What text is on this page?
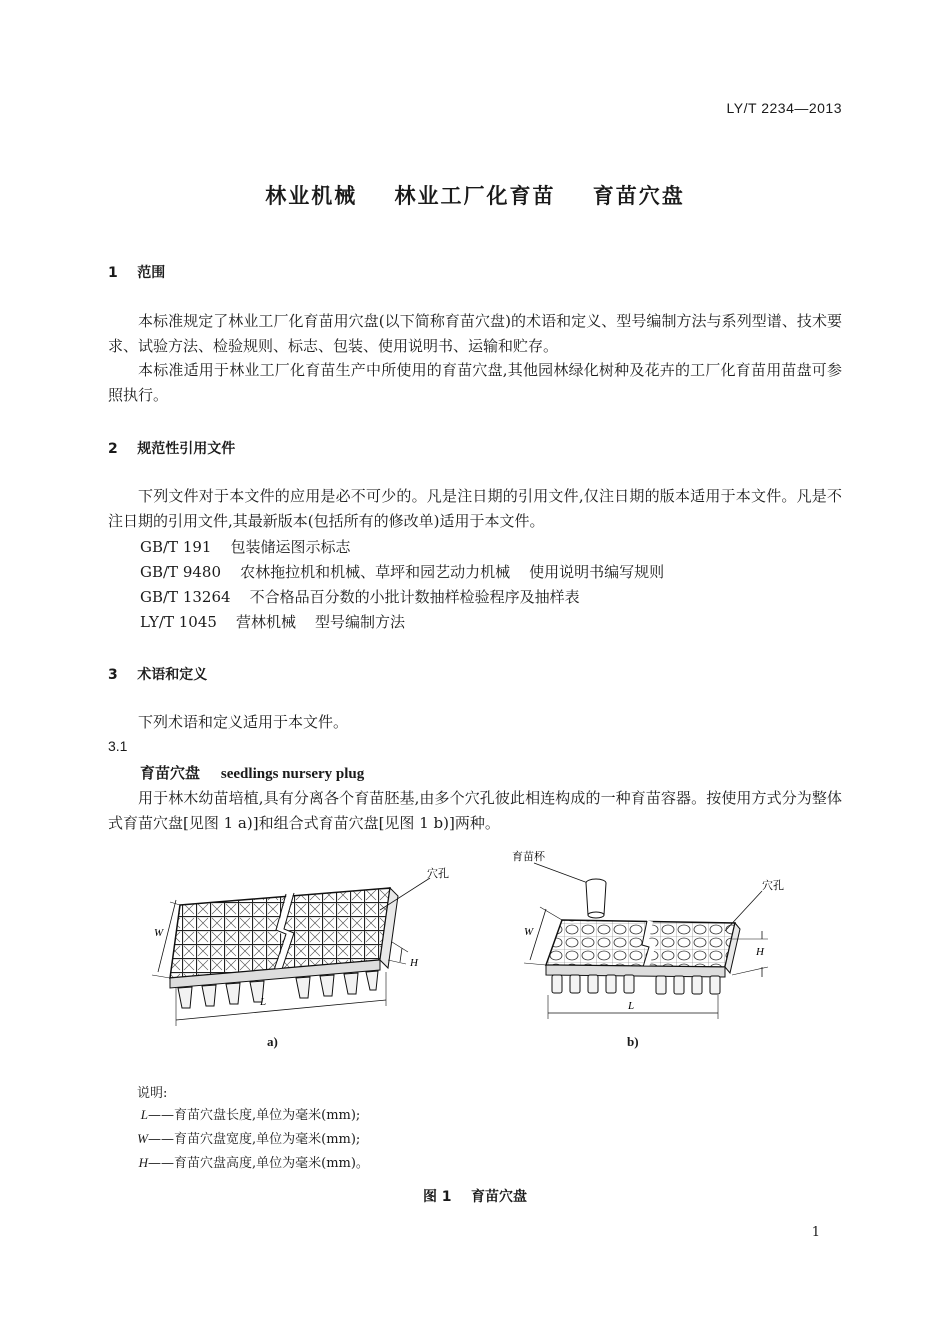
LY/T 2234—2013
林业机械    林业工厂化育苗    育苗穴盘
1    范围
本标准规定了林业工厂化育苗用穴盘(以下简称育苗穴盘)的术语和定义、型号编制方法与系列型谱、技术要求、试验方法、检验规则、标志、包装、使用说明书、运输和贮存。
本标准适用于林业工厂化育苗生产中所使用的育苗穴盘,其他园林绿化树种及花卉的工厂化育苗用苗盘可参照执行。
2    规范性引用文件
下列文件对于本文件的应用是必不可少的。凡是注日期的引用文件,仅注日期的版本适用于本文件。凡是不注日期的引用文件,其最新版本(包括所有的修改单)适用于本文件。
GB/T 191    包装储运图示标志
GB/T 9480    农林拖拉机和机械、草坪和园艺动力机械    使用说明书编写规则
GB/T 13264    不合格品百分数的小批计数抽样检验程序及抽样表
LY/T 1045    营林机械    型号编制方法
3    术语和定义
下列术语和定义适用于本文件。
3.1
育苗穴盘 seedlings nursery plug
用于林木幼苗培植,具有分离各个育苗胚基,由多个穴孔彼此相连构成的一种育苗容器。按使用方式分为整体式育苗穴盘[见图 1 a)]和组合式育苗穴盘[见图 1 b)]两种。
穴孔
W
L
H
育苗杯
穴孔
W
L
H
a)	b)
说明:
L——育苗穴盘长度,单位为毫米(mm);
W——育苗穴盘宽度,单位为毫米(mm);
H——育苗穴盘高度,单位为毫米(mm)。
图 1    育苗穴盘
1
